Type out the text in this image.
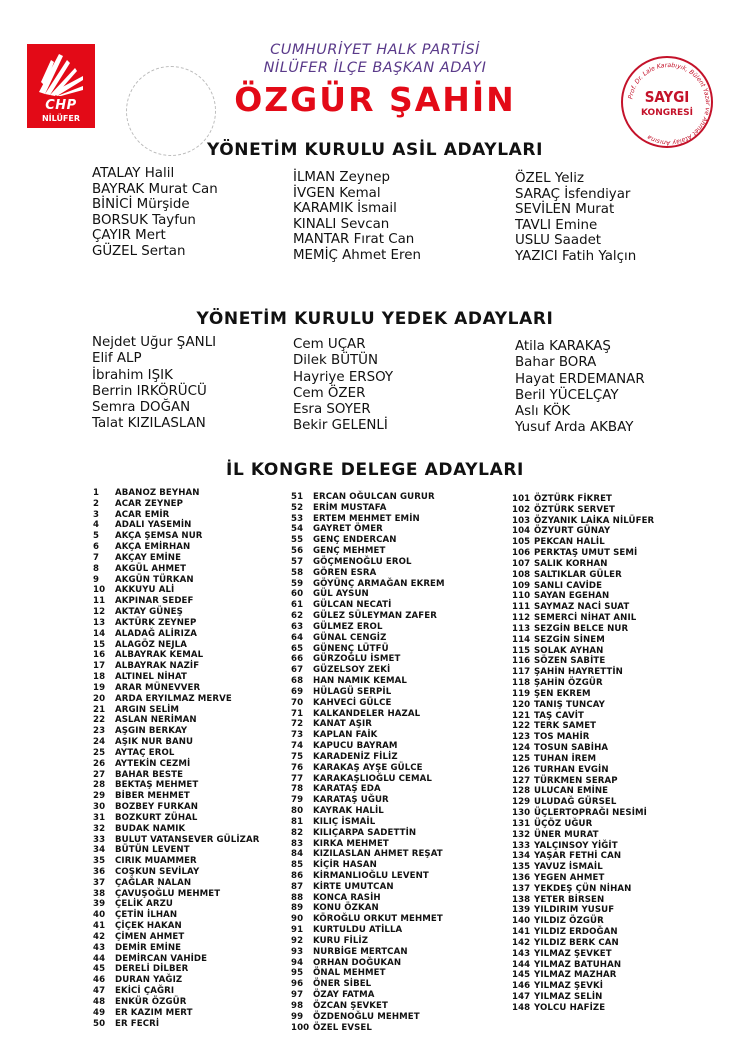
CHP
NİLÜFER
CUMHURİYET HALK PARTİSİ
NİLÜFER İLÇE BAŞKAN ADAYI
ÖZGÜR ŞAHİN	Prof. Dr. Lale Karabıyık, Bülent Yazar ve Ahmet Atalay Anısına
SAYGI
KONGRESİ
YÖNETİM KURULU ASİL ADAYLARI
ATALAY Halil
BAYRAK Murat Can
BİNİCİ Mürşide
BORSUK Tayfun
ÇAYIR Mert
GÜZEL Sertan
İLMAN Zeynep
İVGEN Kemal
KARAMIK İsmail
KINALI Sevcan
MANTAR Fırat Can
MEMİÇ Ahmet Eren
ÖZEL Yeliz
SARAÇ İsfendiyar
SEVİLEN Murat
TAVLI Emine
USLU Saadet
YAZICI Fatih Yalçın
YÖNETİM KURULU YEDEK ADAYLARI
Nejdet Uğur ŞANLI
Elif ALP
İbrahim IŞIK
Berrin IRKÖRÜCÜ
Semra DOĞAN
Talat KIZILASLAN
Cem UÇAR
Dilek BÜTÜN
Hayriye ERSOY
Cem ÖZER
Esra SOYER
Bekir GELENLİ
Atila KARAKAŞ
Bahar BORA
Hayat ERDEMANAR
Beril YÜCELÇAY
Aslı KÖK
Yusuf Arda AKBAY
İL KONGRE DELEGE ADAYLARI
1 ABANOZ BEYHAN
2 ACAR ZEYNEP
3 ACAR EMİR
4 ADALI YASEMİN
5 AKÇA ŞEMSA NUR
6 AKÇA EMİRHAN
7 AKÇAY EMİNE
8 AKGÜL AHMET
9 AKGÜN TÜRKAN
10 AKKUYU ALİ
11 AKPINAR SEDEF
12 AKTAY GÜNEŞ
13 AKTÜRK ZEYNEP
14 ALADAĞ ALİRIZA
15 ALAGÖZ NEJLA
16 ALBAYRAK KEMAL
17 ALBAYRAK NAZİF
18 ALTINEL NİHAT
19 ARAR MÜNEVVER
20 ARDA ERYILMAZ MERVE
21 ARGIN SELİM
22 ASLAN NERİMAN
23 AŞGIN BERKAY
24 AŞIK NUR BANU
25 AYTAÇ EROL
26 AYTEKİN CEZMİ
27 BAHAR BESTE
28 BEKTAŞ MEHMET
29 BİBER MEHMET
30 BOZBEY FURKAN
31 BOZKURT ZÜHAL
32 BUDAK NAMIK
33 BULUT VATANSEVER GÜLİZAR
34 BÜTÜN LEVENT
35 CIRIK MUAMMER
36 COŞKUN SEVİLAY
37 ÇAĞLAR NALAN
38 ÇAVUŞOĞLU MEHMET
39 ÇELİK ARZU
40 ÇETİN İLHAN
41 ÇİÇEK HAKAN
42 ÇİMEN AHMET
43 DEMİR EMİNE
44 DEMİRCAN VAHİDE
45 DERELİ DİLBER
46 DURAN YAĞIZ
47 EKİCİ ÇAĞRI
48 ENKÜR ÖZGÜR
49 ER KAZIM MERT
50 ER FECRİ
51 ERCAN OĞULCAN GURUR
52 ERİM MUSTAFA
53 ERTEM MEHMET EMİN
54 GAYRET ÖMER
55 GENÇ ENDERCAN
56 GENÇ MEHMET
57 GÖÇMENOĞLU EROL
58 GÖREN ESRA
59 GÖYÜNÇ ARMAĞAN EKREM
60 GÜL AYSUN
61 GÜLCAN NECATİ
62 GÜLEZ SÜLEYMAN ZAFER
63 GÜLMEZ EROL
64 GÜNAL CENGİZ
65 GÜNENÇ LÜTFÜ
66 GÜRZOĞLU İSMET
67 GÜZELSOY ZEKİ
68 HAN NAMIK KEMAL
69 HÜLAGÜ SERPİL
70 KAHVECİ GÜLCE
71 KALKANDELER HAZAL
72 KANAT AŞIR
73 KAPLAN FAİK
74 KAPUCU BAYRAM
75 KARADENİZ FİLİZ
76 KARAKAŞ AYŞE GÜLCE
77 KARAKAŞLIOĞLU CEMAL
78 KARATAŞ EDA
79 KARATAŞ UĞUR
80 KAYRAK HALİL
81 KILIÇ İSMAİL
82 KILIÇARPA SADETTİN
83 KIRKA MEHMET
84 KIZILASLAN AHMET REŞAT
85 KİÇİR HASAN
86 KİRMANLIOĞLU LEVENT
87 KİRTE UMUTCAN
88 KONCA RASİH
89 KONU ÖZKAN
90 KÖROĞLU ORKUT MEHMET
91 KURTULDU ATİLLA
92 KURU FİLİZ
93 NURBİGE MERTCAN
94 ORHAN DOĞUKAN
95 ÖNAL MEHMET
96 ÖNER SİBEL
97 ÖZAY FATMA
98 ÖZCAN ŞEVKET
99 ÖZDENOĞLU MEHMET
100 ÖZEL EVSEL
101 ÖZTÜRK FİKRET
102 ÖZTÜRK SERVET
103 ÖZYANIK LAİKA NİLÜFER
104 ÖZYURT GÜNAY
105 PEKCAN HALİL
106 PERKTAŞ UMUT SEMİ
107 SALIK KORHAN
108 SALTIKLAR GÜLER
109 SANLI CAVİDE
110 SAYAN EGEHAN
111 SAYMAZ NACİ SUAT
112 SEMERCİ NİHAT ANIL
113 SEZGİN BELCE NUR
114 SEZGİN SİNEM
115 SOLAK AYHAN
116 SÖZEN SABİTE
117 ŞAHİN HAYRETTİN
118 ŞAHİN ÖZGÜR
119 ŞEN EKREM
120 TANIŞ TUNCAY
121 TAŞ CAVİT
122 TERK SAMET
123 TOS MAHİR
124 TOSUN SABİHA
125 TUHAN İREM
126 TURHAN EVGİN
127 TÜRKMEN SERAP
128 ULUCAN EMİNE
129 ULUDAĞ GÜRSEL
130 ÜÇLERTOPRAĞI NESİMİ
131 ÜÇÖZ UĞUR
132 ÜNER MURAT
133 YALÇINSOY YİĞİT
134 YAŞAR FETHİ CAN
135 YAVUZ İSMAİL
136 YEGEN AHMET
137 YEKDEŞ ÇÜN NİHAN
138 YETER BİRSEN
139 YILDIRIM YUSUF
140 YILDIZ ÖZGÜR
141 YILDIZ ERDOĞAN
142 YILDIZ BERK CAN
143 YILMAZ ŞEVKET
144 YILMAZ BATUHAN
145 YILMAZ MAZHAR
146 YILMAZ ŞEVKİ
147 YILMAZ SELİN
148 YOLCU HAFİZE
